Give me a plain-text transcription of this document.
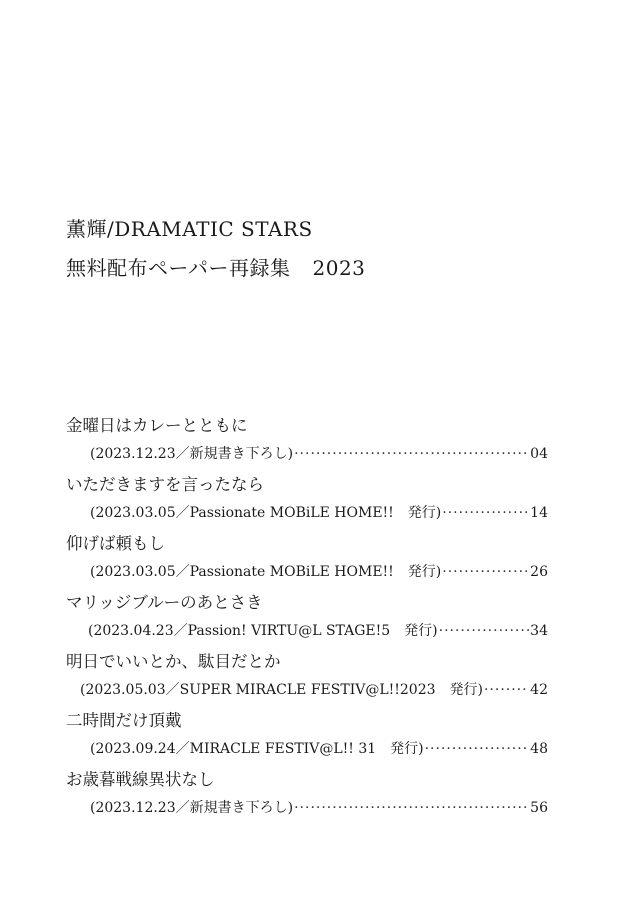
薫輝/DRAMATIC STARS
無料配布ペーパー再録集 2023
金曜日はカレーとともに
(2023.12.23／新規書き下ろし) ·····	04
いただきますを言ったなら
(2023.03.05／Passionate MOBiLE HOME!!　発行) ·····	14
仰げば頼もし
(2023.03.05／Passionate MOBiLE HOME!!　発行) ·····	26
マリッジブルーのあとさき
(2023.04.23／Passion! VIRTU@L STAGE!5　発行) ·····	34
明日でいいとか、駄目だとか
(2023.05.03／SUPER MIRACLE FESTIV@L!!2023　発行) ·····	42
二時間だけ頂戴
(2023.09.24／MIRACLE FESTIV@L!! 31　発行) ·····	48
お歳暮戦線異状なし
(2023.12.23／新規書き下ろし) ·····	56
